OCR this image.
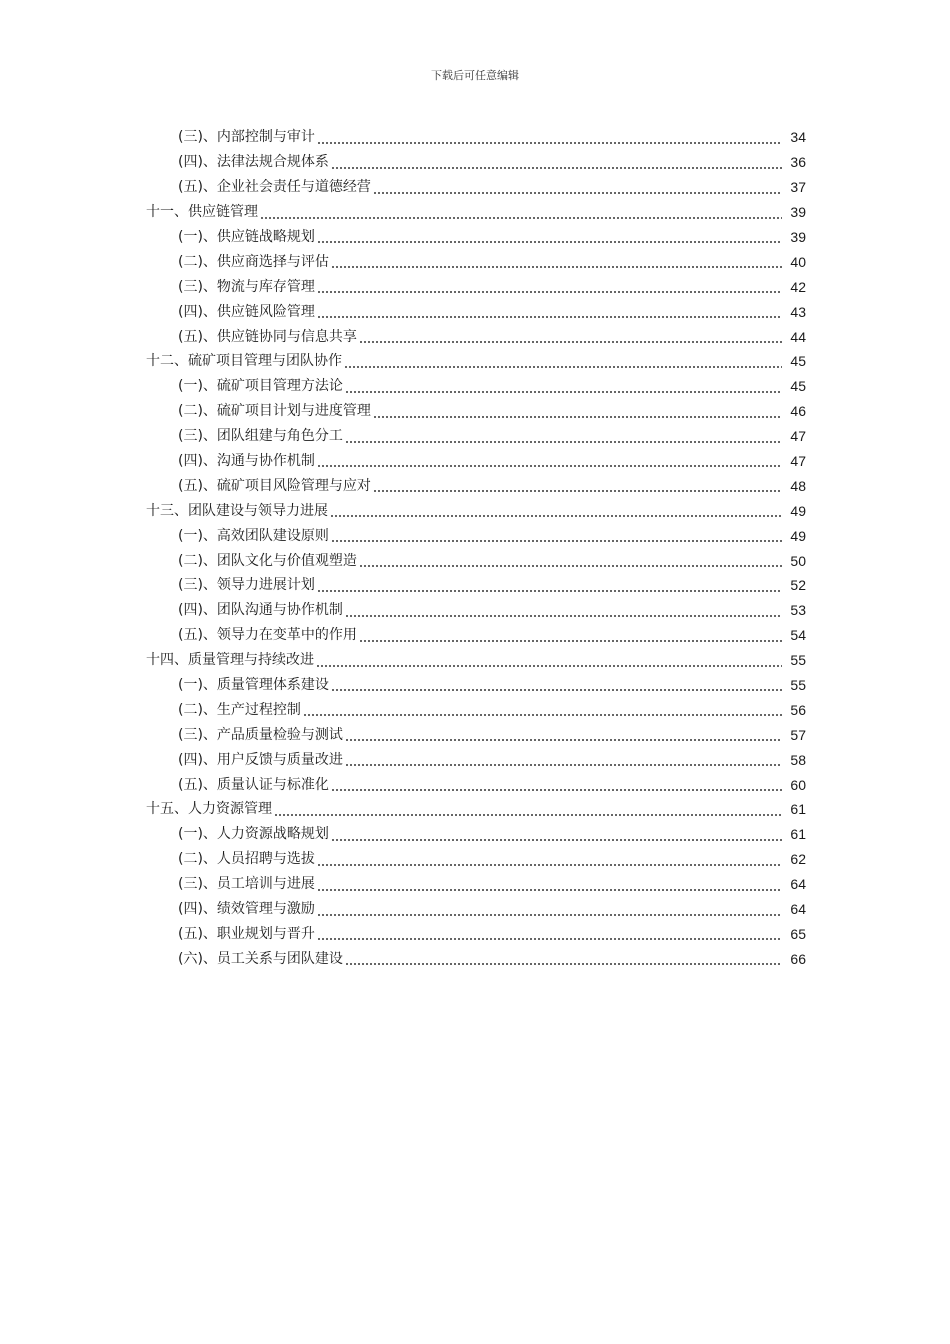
下载后可任意编辑
(三)、内部控制与审计	34
(四)、法律法规合规体系	36
(五)、企业社会责任与道德经营	37
十一、供应链管理	39
(一)、供应链战略规划	39
(二)、供应商选择与评估	40
(三)、物流与库存管理	42
(四)、供应链风险管理	43
(五)、供应链协同与信息共享	44
十二、硫矿项目管理与团队协作	45
(一)、硫矿项目管理方法论	45
(二)、硫矿项目计划与进度管理	46
(三)、团队组建与角色分工	47
(四)、沟通与协作机制	47
(五)、硫矿项目风险管理与应对	48
十三、团队建设与领导力进展	49
(一)、高效团队建设原则	49
(二)、团队文化与价值观塑造	50
(三)、领导力进展计划	52
(四)、团队沟通与协作机制	53
(五)、领导力在变革中的作用	54
十四、质量管理与持续改进	55
(一)、质量管理体系建设	55
(二)、生产过程控制	56
(三)、产品质量检验与测试	57
(四)、用户反馈与质量改进	58
(五)、质量认证与标准化	60
十五、人力资源管理	61
(一)、人力资源战略规划	61
(二)、人员招聘与选拔	62
(三)、员工培训与进展	64
(四)、绩效管理与激励	64
(五)、职业规划与晋升	65
(六)、员工关系与团队建设	66
